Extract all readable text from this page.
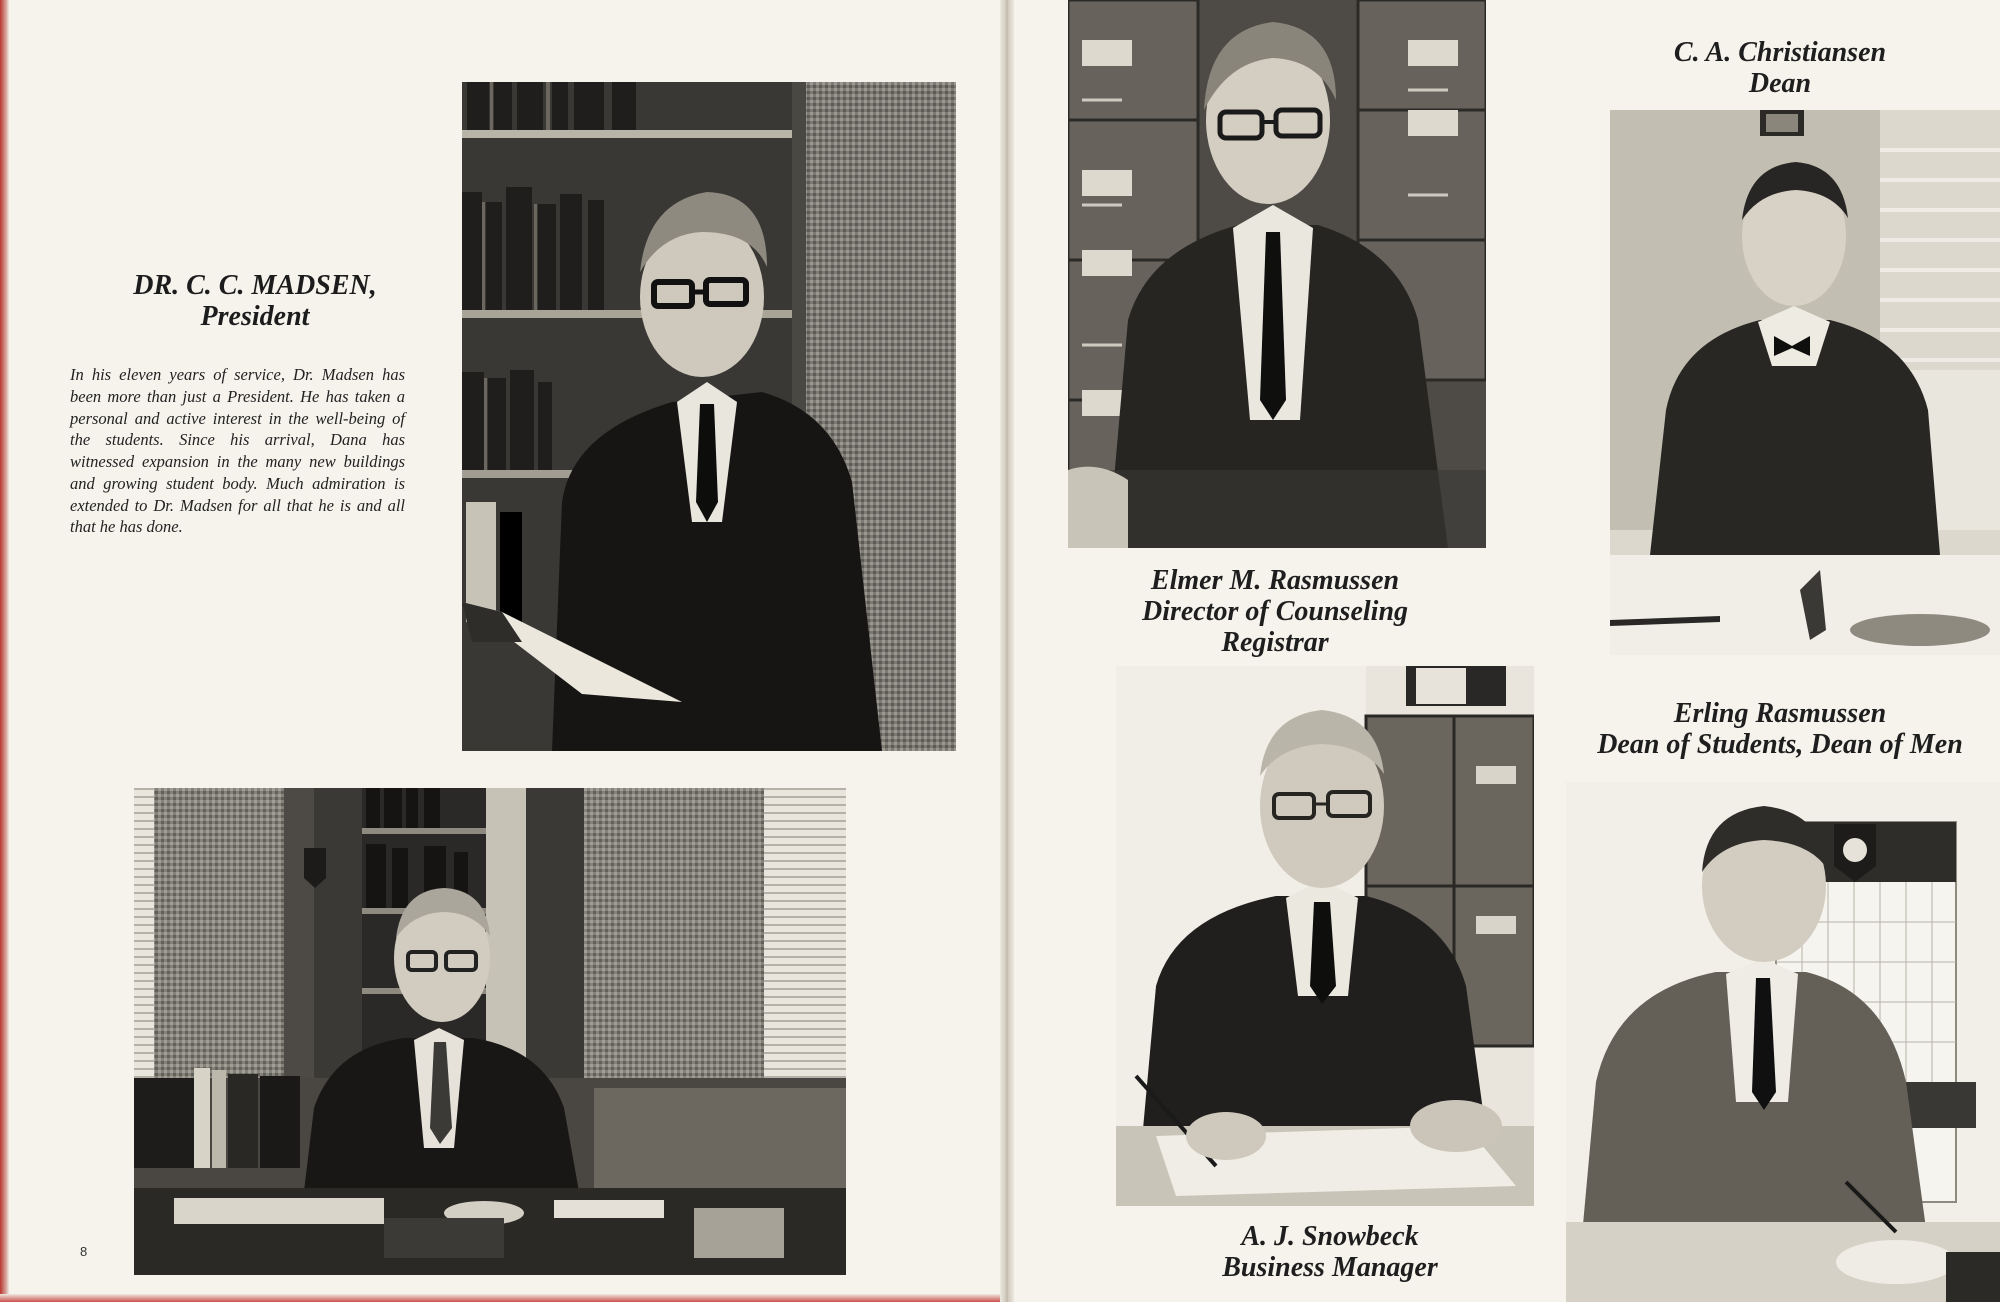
DR. C. C. MADSEN,
President

In his eleven years of service, Dr. Madsen has been more than just a President. He has taken a personal and active interest in the well-being of the students. Since his arrival, Dana has witnessed expansion in the many new buildings and growing student body. Much admiration is extended to Dr. Madsen for all that he is and all that he has done.

8
Elmer M. Rasmussen
Director of Counseling
Registrar
C. A. Christiansen
Dean
A. J. Snowbeck
Business Manager
Erling Rasmussen
Dean of Students, Dean of Men
